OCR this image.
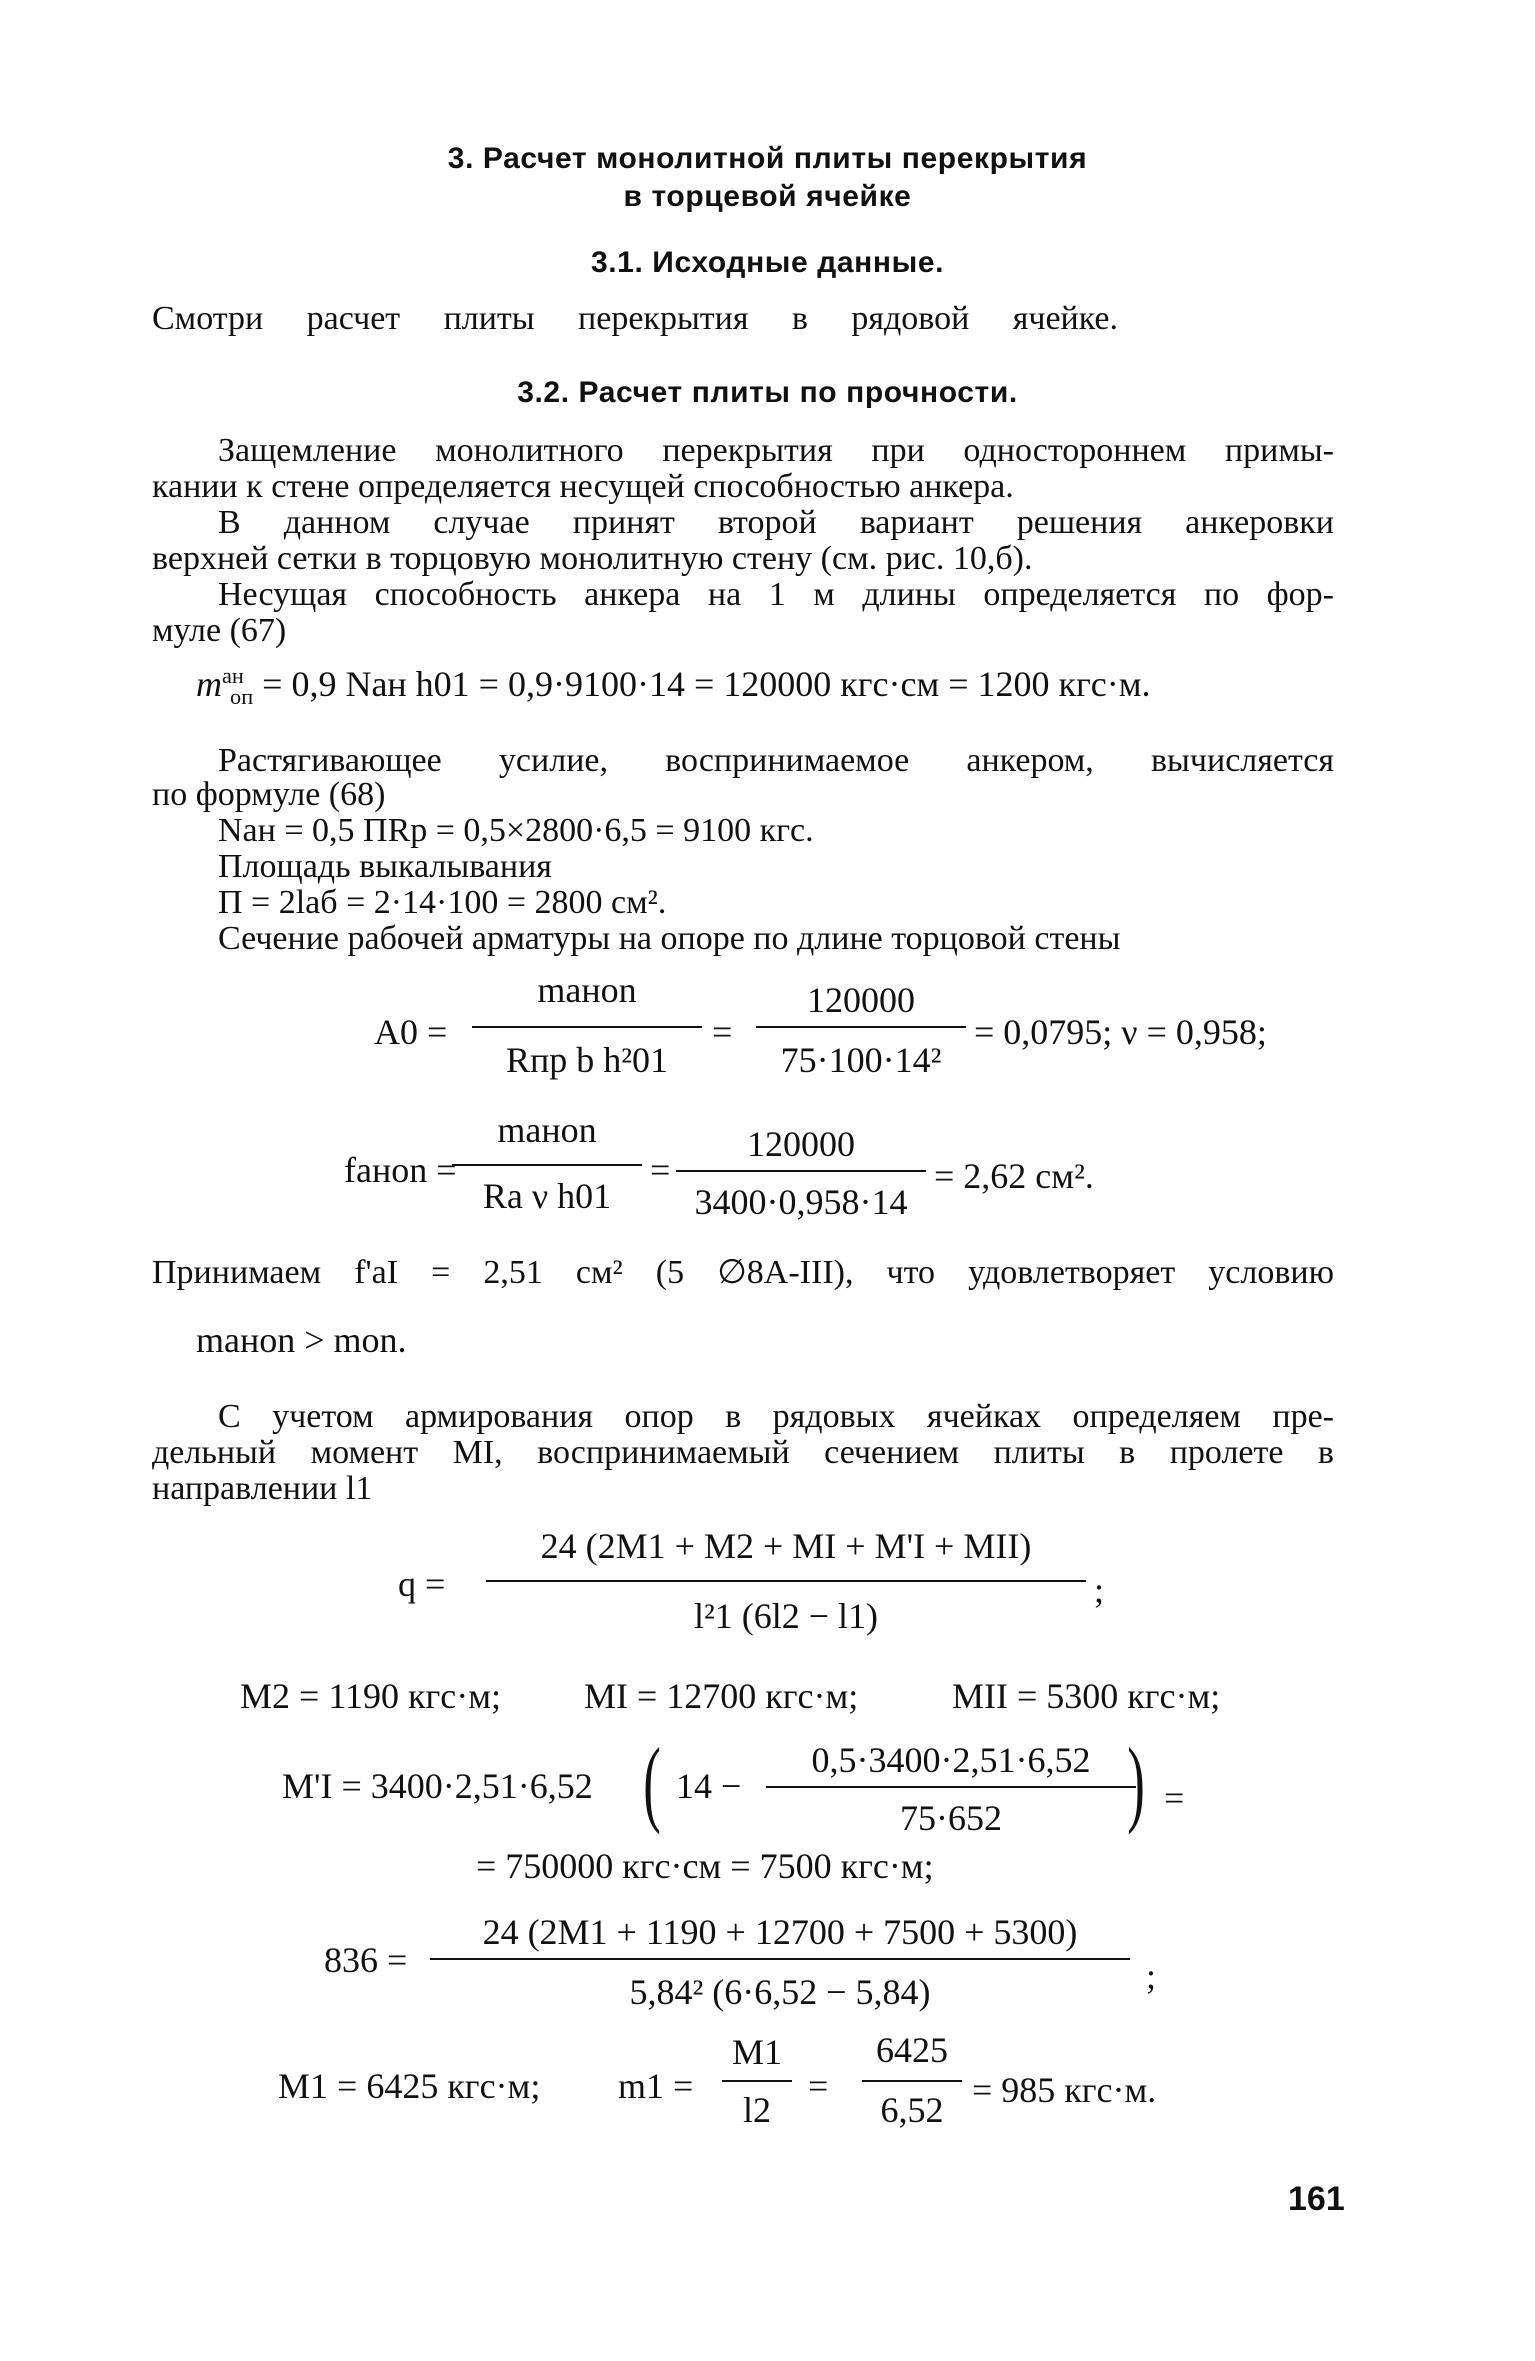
3. Расчет монолитной плиты перекрытия
в торцевой ячейке
3.1. Исходные данные.
Смотри расчет плиты перекрытия в рядовой ячейке.
3.2. Расчет плиты по прочности.
Защемление монолитного перекрытия при одностороннем примы-
кании к стене определяется несущей способностью анкера.
В данном случае принят второй вариант решения анкеровки
верхней сетки в торцовую монолитную стену (см. рис. 10,б).
Несущая способность анкера на 1 м длины определяется по фор-
муле (67)
$m^{ан}_{оп} = 0,9$ Nан h01 = 0,9·9100·14 = 120000 кгс·см = 1200 кгс·м.
Растягивающее усилие, воспринимаемое анкером, вычисляется
по формуле (68)
Nан = 0,5 ПRр = 0,5×2800·6,5 = 9100 кгс.
Площадь выкалывания
П = 2laб = 2·14·100 = 2800 см².
Сечение рабочей арматуры на опоре по длине торцовой стены
A0 =
mанon
Rпр b h²01
=
120000
75·100·14²
= 0,0795; ν = 0,958;
fанon =
mанon
Ra ν h01
=
120000
3400·0,958·14
= 2,62 см².
Принимаем f'aI = 2,51 см² (5 ∅8A-III), что удовлетворяет условию
mанon > mon.
С учетом армирования опор в рядовых ячейках определяем пре-
дельный момент MI, воспринимаемый сечением плиты в пролете в
направлении l1
q =
24 (2M1 + M2 + MI + M'I + MII)
l²1 (6l2 − l1)
;
M2 = 1190 кгс·м; MI = 12700 кгс·м;	MII = 5300 кгс·м;
M'I = 3400·2,51·6,52 ( 14 −
0,5·3400·2,51·6,52
75·652	) =
= 750000 кгс·см = 7500 кгс·м;
836 =
24 (2M1 + 1190 + 12700 + 7500 + 5300)
5,84² (6·6,52 − 5,84)	;
M1 = 6425 кгс·м; m1 =
M1
l2
=
6425
6,52 = 985 кгс·м.
161
